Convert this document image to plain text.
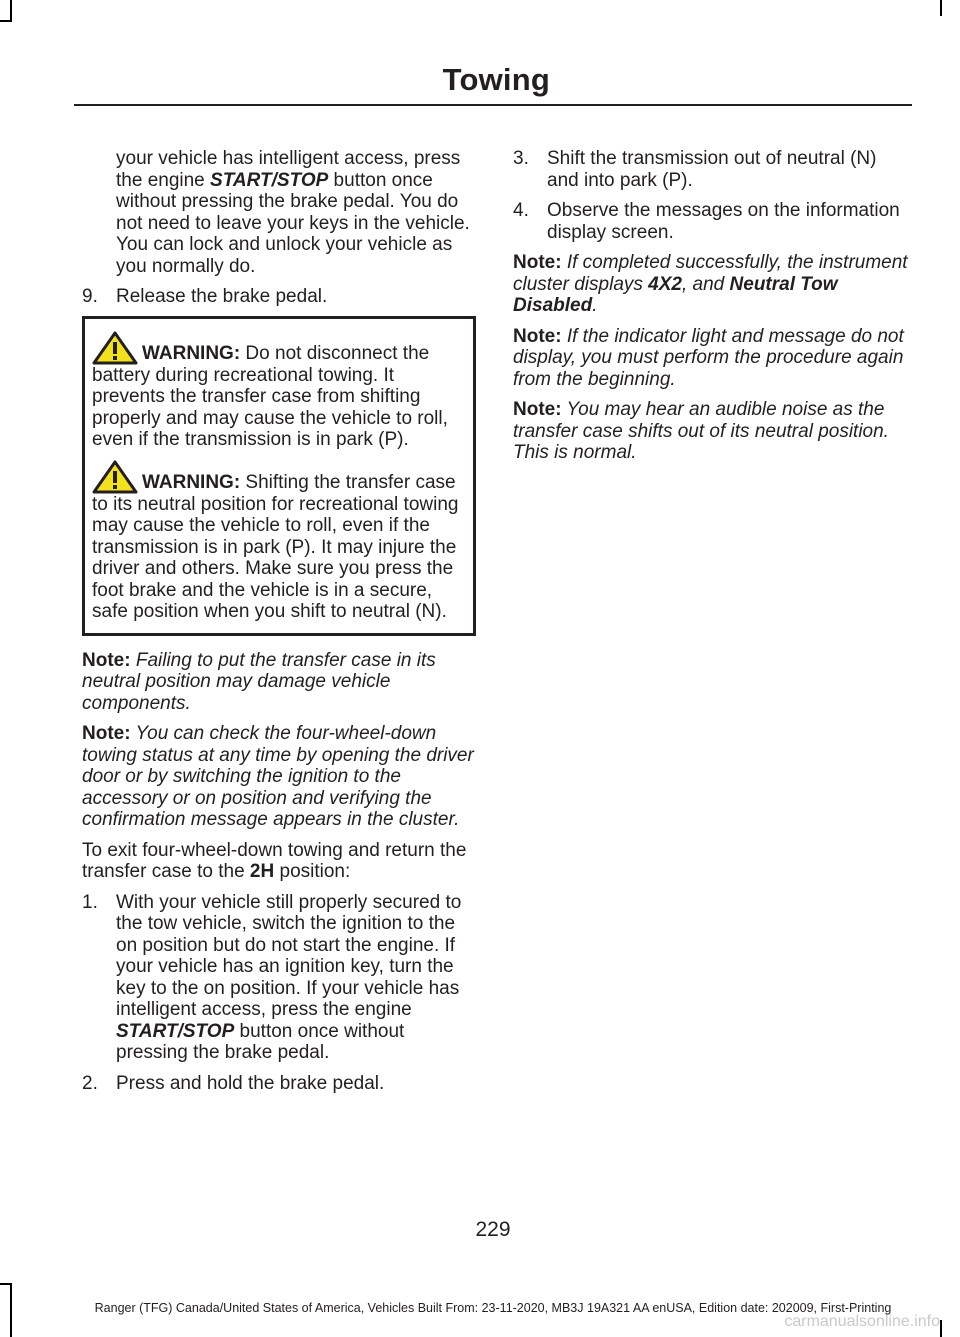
Towing

your vehicle has intelligent access, press the engine START/STOP button once without pressing the brake pedal. You do not need to leave your keys in the vehicle. You can lock and unlock your vehicle as you normally do.

9. Release the brake pedal.

WARNING: Do not disconnect the battery during recreational towing. It prevents the transfer case from shifting properly and may cause the vehicle to roll, even if the transmission is in park (P).

WARNING: Shifting the transfer case to its neutral position for recreational towing may cause the vehicle to roll, even if the transmission is in park (P). It may injure the driver and others. Make sure you press the foot brake and the vehicle is in a secure, safe position when you shift to neutral (N).

Note: Failing to put the transfer case in its neutral position may damage vehicle components.

Note: You can check the four-wheel-down towing status at any time by opening the driver door or by switching the ignition to the accessory or on position and verifying the confirmation message appears in the cluster.

To exit four-wheel-down towing and return the transfer case to the 2H position:

1. With your vehicle still properly secured to the tow vehicle, switch the ignition to the on position but do not start the engine. If your vehicle has an ignition key, turn the key to the on position. If your vehicle has intelligent access, press the engine START/STOP button once without pressing the brake pedal.
2. Press and hold the brake pedal.
3. Shift the transmission out of neutral (N) and into park (P).
4. Observe the messages on the information display screen.

Note: If completed successfully, the instrument cluster displays 4X2, and Neutral Tow Disabled.

Note: If the indicator light and message do not display, you must perform the procedure again from the beginning.

Note: You may hear an audible noise as the transfer case shifts out of its neutral position. This is normal.

229
Ranger (TFG) Canada/United States of America, Vehicles Built From: 23-11-2020, MB3J 19A321 AA enUSA, Edition date: 202009, First-Printing
carmanualsonline.info
